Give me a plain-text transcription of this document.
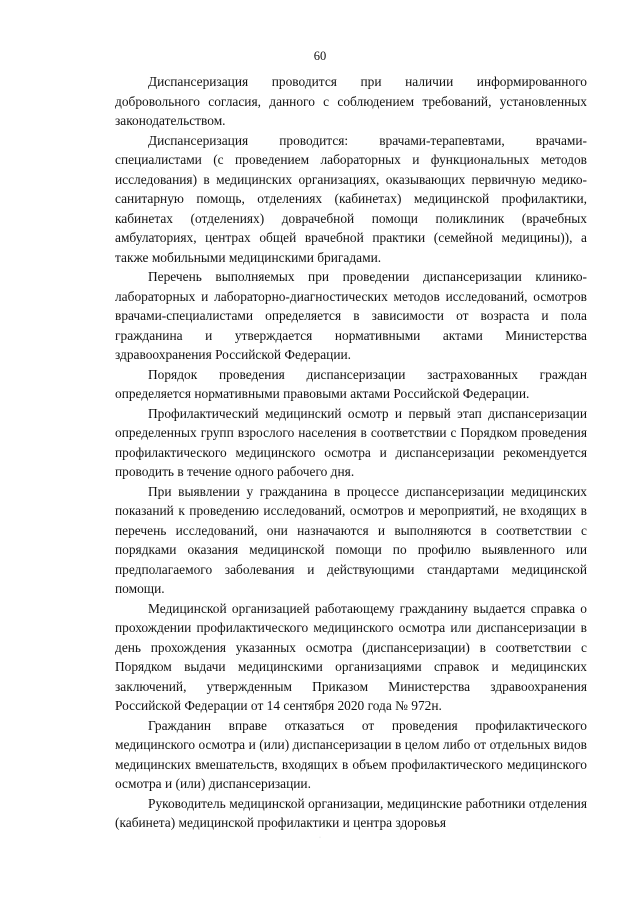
60

Диспансеризация проводится при наличии информированного добровольного согласия, данного с соблюдением требований, установленных законодательством.

Диспансеризация проводится: врачами-терапевтами, врачами-специалистами (с проведением лабораторных и функциональных методов исследования) в медицинских организациях, оказывающих первичную медико-санитарную помощь, отделениях (кабинетах) медицинской профилактики, кабинетах (отделениях) доврачебной помощи поликлиник (врачебных амбулаториях, центрах общей врачебной практики (семейной медицины)), а также мобильными медицинскими бригадами.

Перечень выполняемых при проведении диспансеризации клинико-лабораторных и лабораторно-диагностических методов исследований, осмотров врачами-специалистами определяется в зависимости от возраста и пола гражданина и утверждается нормативными актами Министерства здравоохранения Российской Федерации.

Порядок проведения диспансеризации застрахованных граждан определяется нормативными правовыми актами Российской Федерации.

Профилактический медицинский осмотр и первый этап диспансеризации определенных групп взрослого населения в соответствии с Порядком проведения профилактического медицинского осмотра и диспансеризации рекомендуется проводить в течение одного рабочего дня.

При выявлении у гражданина в процессе диспансеризации медицинских показаний к проведению исследований, осмотров и мероприятий, не входящих в перечень исследований, они назначаются и выполняются в соответствии с порядками оказания медицинской помощи по профилю выявленного или предполагаемого заболевания и действующими стандартами медицинской помощи.

Медицинской организацией работающему гражданину выдается справка о прохождении профилактического медицинского осмотра или диспансеризации в день прохождения указанных осмотра (диспансеризации) в соответствии с Порядком выдачи медицинскими организациями справок и медицинских заключений, утвержденным Приказом Министерства здравоохранения Российской Федерации от 14 сентября 2020 года № 972н.

Гражданин вправе отказаться от проведения профилактического медицинского осмотра и (или) диспансеризации в целом либо от отдельных видов медицинских вмешательств, входящих в объем профилактического медицинского осмотра и (или) диспансеризации.

Руководитель медицинской организации, медицинские работники отделения (кабинета) медицинской профилактики и центра здоровья

·
